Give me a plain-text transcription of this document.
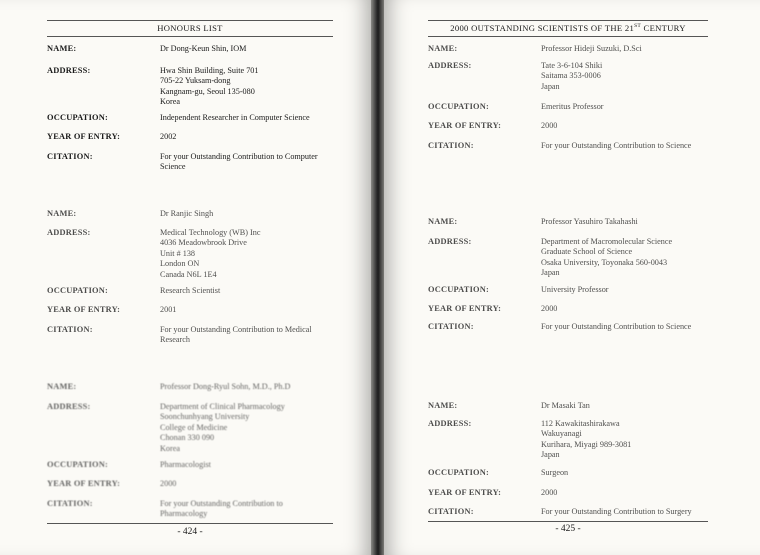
HONOURS LIST
NAME:	Dr Dong-Keun Shin, IOM
ADDRESS:	Hwa Shin Building, Suite 701
705-22 Yuksam-dong
Kangnam-gu, Seoul 135-080
Korea
OCCUPATION:	Independent Researcher in Computer Science
YEAR OF ENTRY:	2002
CITATION:	For your Outstanding Contribution to Computer
Science
NAME:	Dr Ranjic Singh
ADDRESS:	Medical Technology (WB) Inc
4036 Meadowbrook Drive
Unit # 138
London ON
Canada N6L 1E4
OCCUPATION:	Research Scientist
YEAR OF ENTRY:	2001
CITATION:	For your Outstanding Contribution to Medical
Research
NAME:	Professor Dong-Ryul Sohn, M.D., Ph.D
ADDRESS:	Department of Clinical Pharmacology
Soonchunhyang University
College of Medicine
Chonan 330 090
Korea
OCCUPATION:	Pharmacologist
YEAR OF ENTRY:	2000
CITATION:	For your Outstanding Contribution to
Pharmacology
- 424 -
2000 OUTSTANDING SCIENTISTS OF THE 21ST CENTURY
NAME:	Professor Hideji Suzuki, D.Sci
ADDRESS:	Tate 3-6-104 Shiki
Saitama 353-0006
Japan
OCCUPATION:	Emeritus Professor
YEAR OF ENTRY:	2000
CITATION:	For your Outstanding Contribution to Science
NAME:	Professor Yasuhiro Takahashi
ADDRESS:	Department of Macromolecular Science
Graduate School of Science
Osaka University, Toyonaka 560-0043
Japan
OCCUPATION:	University Professor
YEAR OF ENTRY:	2000
CITATION:	For your Outstanding Contribution to Science
NAME:	Dr Masaki Tan
ADDRESS:	112 Kawakitashirakawa
Wakuyanagi
Kurihara, Miyagi 989-3081
Japan
OCCUPATION:	Surgeon
YEAR OF ENTRY:	2000
CITATION:	For your Outstanding Contribution to Surgery
- 425 -
